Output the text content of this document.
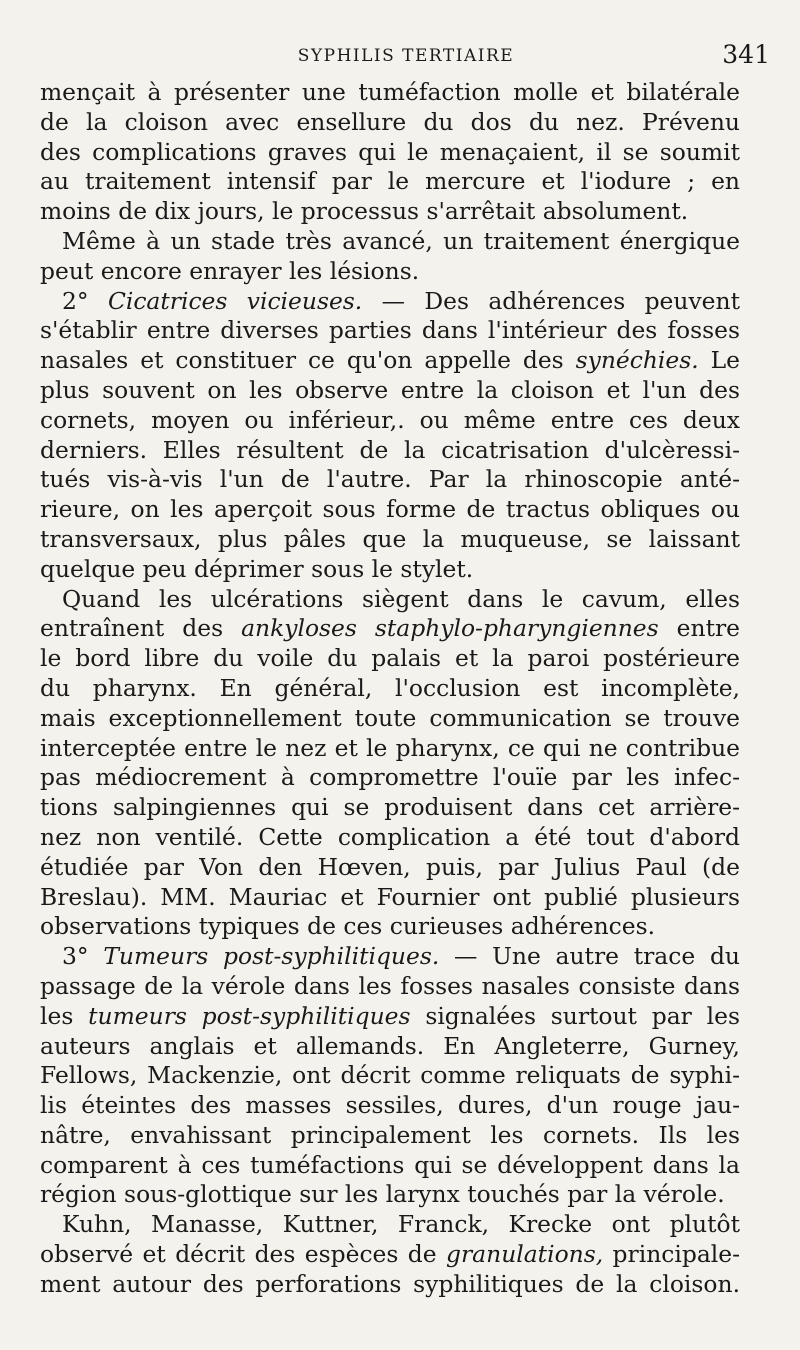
SYPHILIS TERTIAIRE	341
mençait à présenter une tuméfaction molle et bilatérale
de la cloison avec ensellure du dos du nez. Prévenu
des complications graves qui le menaçaient, il se soumit
au traitement intensif par le mercure et l'iodure ; en
moins de dix jours, le processus s'arrêtait absolument.
Même à un stade très avancé, un traitement énergique
peut encore enrayer les lésions.
2° Cicatrices vicieuses. — Des adhérences peuvent
s'établir entre diverses parties dans l'intérieur des fosses
nasales et constituer ce qu'on appelle des synéchies. Le
plus souvent on les observe entre la cloison et l'un des
cornets, moyen ou inférieur,. ou même entre ces deux
derniers. Elles résultent de la cicatrisation d'ulcèressi-
tués vis-à-vis l'un de l'autre. Par la rhinoscopie anté-
rieure, on les aperçoit sous forme de tractus obliques ou
transversaux, plus pâles que la muqueuse, se laissant
quelque peu déprimer sous le stylet.
Quand les ulcérations siègent dans le cavum, elles
entraînent des ankyloses staphylo-pharyngiennes entre
le bord libre du voile du palais et la paroi postérieure
du pharynx. En général, l'occlusion est incomplète,
mais exceptionnellement toute communication se trouve
interceptée entre le nez et le pharynx, ce qui ne contribue
pas médiocrement à compromettre l'ouïe par les infec-
tions salpingiennes qui se produisent dans cet arrière-
nez non ventilé. Cette complication a été tout d'abord
étudiée par Von den Hœven, puis, par Julius Paul (de
Breslau). MM. Mauriac et Fournier ont publié plusieurs
observations typiques de ces curieuses adhérences.
3° Tumeurs post-syphilitiques. — Une autre trace du
passage de la vérole dans les fosses nasales consiste dans
les tumeurs post-syphilitiques signalées surtout par les
auteurs anglais et allemands. En Angleterre, Gurney,
Fellows, Mackenzie, ont décrit comme reliquats de syphi-
lis éteintes des masses sessiles, dures, d'un rouge jau-
nâtre, envahissant principalement les cornets. Ils les
comparent à ces tuméfactions qui se développent dans la
région sous-glottique sur les larynx touchés par la vérole.
Kuhn, Manasse, Kuttner, Franck, Krecke ont plutôt
observé et décrit des espèces de granulations, principale-
ment autour des perforations syphilitiques de la cloison.
